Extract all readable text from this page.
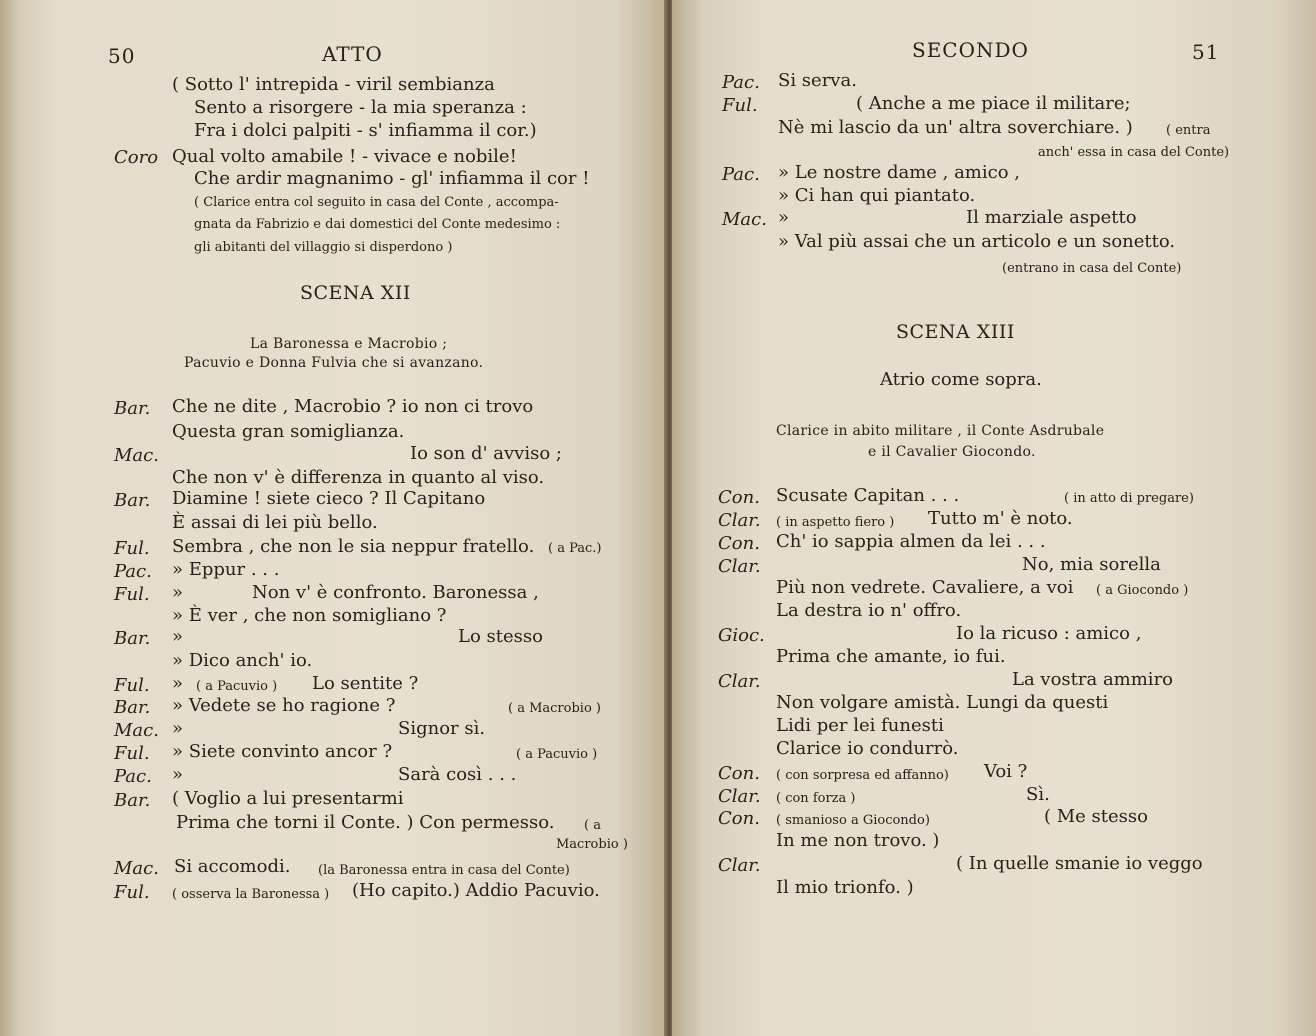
50	ATTO
( Sotto l' intrepida - viril sembianza
Sento a risorgere - la mia speranza :
Fra i dolci palpiti - s' infiamma il cor.)
Coro Qual volto amabile ! - vivace e nobile!
Che ardir magnanimo - gl' infiamma il cor !
( Clarice entra col seguito in casa del Conte , accompa-
gnata da Fabrizio e dai domestici del Conte medesimo :
gli abitanti del villaggio si disperdono )
SCENA XII
La Baronessa e Macrobio ;
Pacuvio e Donna Fulvia che si avanzano.
Bar. Che ne dite , Macrobio ? io non ci trovo
Questa gran somiglianza.
Mac.	Io son d' avviso ;
Che non v' è differenza in quanto al viso.
Bar. Diamine ! siete cieco ? Il Capitano
È assai di lei più bello.
Ful. Sembra , che non le sia neppur fratello. ( a Pac.)
Pac. » Eppur . . .
Ful. »	Non v' è confronto. Baronessa ,
» È ver , che non somigliano ?
Bar. »	Lo stesso
» Dico anch' io.
Ful. » ( a Pacuvio ) Lo sentite ?
Bar. » Vedete se ho ragione ?	( a Macrobio )
Mac. »	Signor sì.
Ful. » Siete convinto ancor ?	( a Pacuvio )
Pac. »	Sarà così . . .
Bar. ( Voglio a lui presentarmi
Prima che torni il Conte. ) Con permesso. ( a
Macrobio )
Mac. Si accomodi. (la Baronessa entra in casa del Conte)
Ful. ( osserva la Baronessa ) (Ho capito.) Addio Pacuvio.
SECONDO	51
Pac. Si serva.
Ful.	( Anche a me piace il militare;
Nè mi lascio da un' altra soverchiare. )	( entra
anch' essa in casa del Conte)
Pac. » Le nostre dame , amico ,
» Ci han qui piantato.
Mac. »	Il marziale aspetto
» Val più assai che un articolo e un sonetto.
(entrano in casa del Conte)
SCENA XIII
Atrio come sopra.
Clarice in abito militare , il Conte Asdrubale
e il Cavalier Giocondo.
Con. Scusate Capitan . . .	( in atto di pregare)
Clar. ( in aspetto fiero ) Tutto m' è noto.
Con. Ch' io sappia almen da lei . . .
Clar.	No, mia sorella
Più non vedrete. Cavaliere, a voi ( a Giocondo )
La destra io n' offro.
Gioc.	Io la ricuso : amico ,
Prima che amante, io fui.
Clar.	La vostra ammiro
Non volgare amistà. Lungi da questi
Lidi per lei funesti
Clarice io condurrò.
Con. ( con sorpresa ed affanno) Voi ?
Clar. ( con forza )	Sì.
Con. ( smanioso a Giocondo)	( Me stesso
In me non trovo. )
Clar.	( In quelle smanie io veggo
Il mio trionfo. )
